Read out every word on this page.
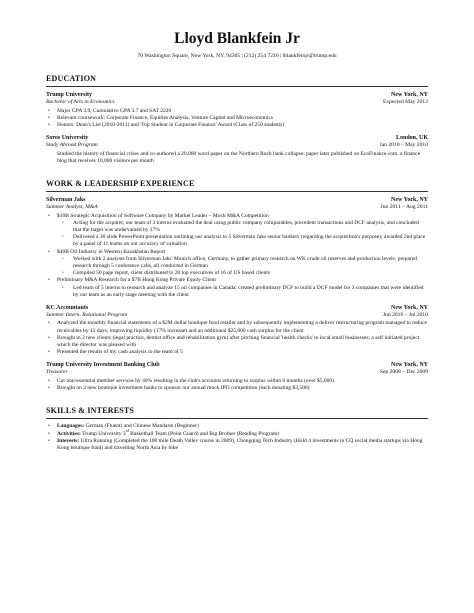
Lloyd Blankfein Jr

70 Washington Square, New York, NY, 94305 | (212) 254 7210 | lblankfeinjr@trump.edu

EDUCATION

Trump University	New York, NY
Bachelor of Arts in Economics	Expected May 2012
• Major GPA 3.9, Cumulative GPA 3.7 and SAT 2220
• Relevant coursework: Corporate Finance, Equities Analysis, Venture Capital and Microeconomics
• Honors: Dean's List (2010-2011) and 'Top Student in Corporate Finance' Award (Class of 250 students)
Soros University	London, UK
Study Abroad Program	Jan 2010 – May 2010
Studied the history of financial crises and co-authored a 20,000 word paper on the Northern Rock bank collapse; paper later published on EcoFinance.com, a finance blog that receives 10,000 visitors per month

WORK & LEADERSHIP EXPERIENCE

Silverman Jaks	New York, NY
Summer Analyst, M&A	Jun 2011 – Aug 2011
• $10B Strategic Acquisition of Software Company by Market Leader – Mock M&A Competition
◦ Acting for the acquirer, our team of 3 interns evaluated the deal using public company comparables, precedent transactions and DCF analysis, and concluded that the target was undervalued by 17%
◦ Delivered a 30 slide PowerPoint presentation outlining our analysis to 5 Silverman Jaks senior bankers (regarding the acquisition's purpose); awarded 2nd place by a panel of 11 teams on our accuracy of valuation
• $40B Oil Industry in Western Kazakhstan Report
◦ Worked with 2 analysts from Silverman Jaks' Munich office, Germany, to gather primary research on WK crude oil reserves and production levels; prepared research through 5 conference calls, all conducted in German
◦ Compiled 50 page report, client distributed to 20 top executives of 16 of US based clients
• Preliminary M&A Research for a $7B Hong Kong Private Equity Client
◦ Led team of 5 interns to research and analyze 15 oil companies in Canada; created preliminary DCF to build a DCF model for 3 companies that were identified by our team as an early stage meeting with the client
KC Accountants	New York, NY
Summer Intern, Rotational Program	Jun 2010 – Jul 2010
• Analyzed the monthly financial statements of a $2M dollar boutique food retailer and by subsequently implementing a deliver restructuring program managed to reduce receivables by 12 days, improving liquidity (17% increase) and an additional $25,000 cash surplus for the client
• Brought in 2 new clients (legal practice, dentist office and rehabilitation gym) after pitching financial 'health checks' to local small businesses; a self initiated project which the director was pleased with
• Presented the results of my cash analysis to the team of 5
Trump University Investment Banking Club	New York, NY
Treasurer	Sep 2008 – Dec 2009
• Cut non-essential member services by 40% resulting in the club's accounts returning to surplus within 6 months (over $5,000)
• Brought on 2 new boutique investment banks to sponsor our annual mock IPO competition (each donating $3,500)

SKILLS & INTERESTS

• Languages: German (Fluent) and Chinese Mandarin (Beginner)
• Activities: Trump University 3rd Basketball Team (Point Guard) and Big Brother (Reading Program)
• Interests: Ultra Running (Completed the 100 mile Death Valley course in 2009), Chongqing Tech Industry (Hold 4 investments in CQ social media startups via Hong Kong boutique fund) and travelling North Asia by bike
